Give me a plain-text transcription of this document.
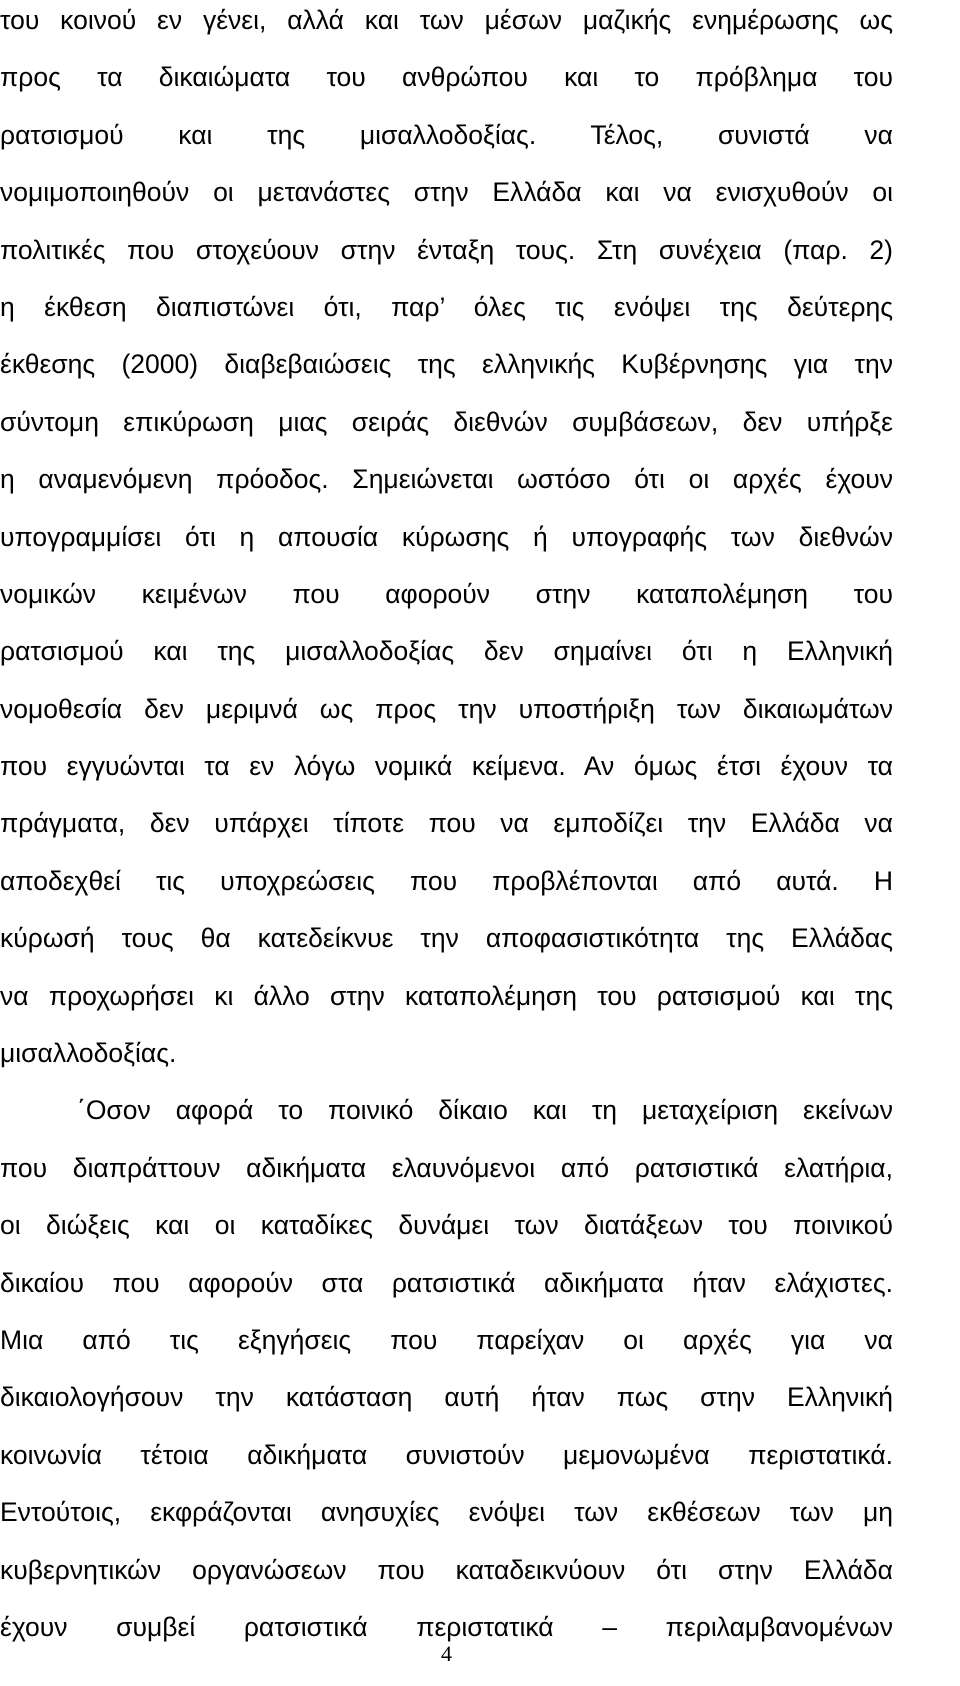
του κοινού εν γένει, αλλά και των μέσων μαζικής ενημέρωσης ως
προς τα δικαιώματα του ανθρώπου και το πρόβλημα του
ρατσισμού και της μισαλλοδοξίας. Τέλος, συνιστά να
νομιμοποιηθούν οι μετανάστες στην Ελλάδα και να ενισχυθούν οι
πολιτικές που στοχεύουν στην ένταξη τους. Στη συνέχεια (παρ. 2)
η έκθεση διαπιστώνει ότι, παρ’ όλες τις ενόψει της δεύτερης
έκθεσης (2000) διαβεβαιώσεις της ελληνικής Κυβέρνησης για την
σύντομη επικύρωση μιας σειράς διεθνών συμβάσεων, δεν υπήρξε
η αναμενόμενη πρόοδος. Σημειώνεται ωστόσο ότι οι αρχές έχουν
υπογραμμίσει ότι η απουσία κύρωσης ή υπογραφής των διεθνών
νομικών κειμένων που αφορούν στην καταπολέμηση του
ρατσισμού και της μισαλλοδοξίας δεν σημαίνει ότι η Ελληνική
νομοθεσία δεν μεριμνά ως προς την υποστήριξη των δικαιωμάτων
που εγγυώνται τα εν λόγω νομικά κείμενα. Αν όμως έτσι έχουν τα
πράγματα, δεν υπάρχει τίποτε που να εμποδίζει την Ελλάδα να
αποδεχθεί τις υποχρεώσεις που προβλέπονται από αυτά. Η
κύρωσή τους θα κατεδείκνυε την αποφασιστικότητα της Ελλάδας
να προχωρήσει κι άλλο στην καταπολέμηση του ρατσισμού και της
μισαλλοδοξίας.
΄Οσον αφορά το ποινικό δίκαιο και τη μεταχείριση εκείνων
που διαπράττουν αδικήματα ελαυνόμενοι από ρατσιστικά ελατήρια,
οι διώξεις και οι καταδίκες δυνάμει των διατάξεων του ποινικού
δικαίου που αφορούν στα ρατσιστικά αδικήματα ήταν ελάχιστες.
Μια από τις εξηγήσεις που παρείχαν οι αρχές για να
δικαιολογήσουν την κατάσταση αυτή ήταν πως στην Ελληνική
κοινωνία τέτοια αδικήματα συνιστούν μεμονωμένα περιστατικά.
Εντούτοις, εκφράζονται ανησυχίες ενόψει των εκθέσεων των μη
κυβερνητικών οργανώσεων που καταδεικνύουν ότι στην Ελλάδα
έχουν συμβεί ρατσιστικά περιστατικά – περιλαμβανομένων
4
